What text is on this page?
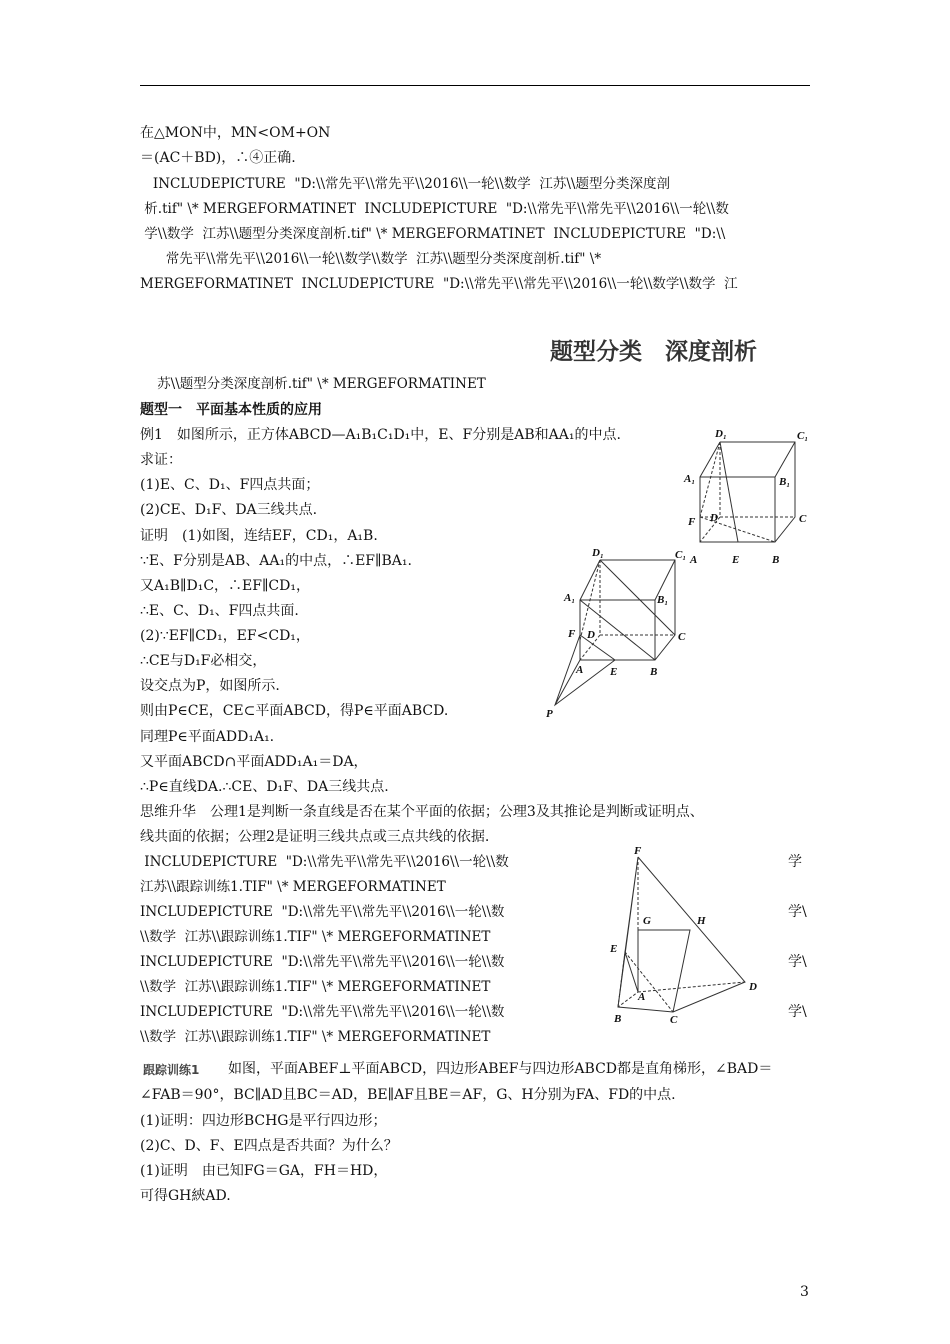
在△MON中，MN<OM+ON
＝(AC＋BD)，∴④正确.
INCLUDEPICTURE  "D:\\常先平\\常先平\\2016\\一轮\\数学  江苏\\题型分类深度剖
析.tif" \* MERGEFORMATINET  INCLUDEPICTURE  "D:\\常先平\\常先平\\2016\\一轮\\数
学\\数学  江苏\\题型分类深度剖析.tif" \* MERGEFORMATINET  INCLUDEPICTURE  "D:\\
常先平\\常先平\\2016\\一轮\\数学\\数学  江苏\\题型分类深度剖析.tif" \*
MERGEFORMATINET  INCLUDEPICTURE  "D:\\常先平\\常先平\\2016\\一轮\\数学\\数学  江
题型分类　深度剖析
苏\\题型分类深度剖析.tif" \* MERGEFORMATINET
题型一　平面基本性质的应用
例1　如图所示，正方体ABCD—A₁B₁C₁D₁中，E、F分别是AB和AA₁的中点.
求证：
(1)E、C、D₁、F四点共面；
(2)CE、D₁F、DA三线共点.
证明　(1)如图，连结EF，CD₁，A₁B.
∵E、F分别是AB、AA₁的中点，∴EF∥BA₁.
又A₁B∥D₁C，∴EF∥CD₁，
∴E、C、D₁、F四点共面.
(2)∵EF∥CD₁，EF<CD₁，
∴CE与D₁F必相交，
设交点为P，如图所示.
则由P∈CE，CE⊂平面ABCD，得P∈平面ABCD.
同理P∈平面ADD₁A₁.
又平面ABCD∩平面ADD₁A₁＝DA，
∴P∈直线DA.∴CE、D₁F、DA三线共点.
思维升华　公理1是判断一条直线是否在某个平面的依据；公理3及其推论是判断或证明点、
线共面的依据；公理2是证明三线共点或三点共线的依据.
INCLUDEPICTURE  "D:\\常先平\\常先平\\2016\\一轮\\数
江苏\\跟踪训练1.TIF" \* MERGEFORMATINET
INCLUDEPICTURE  "D:\\常先平\\常先平\\2016\\一轮\\数
\\数学  江苏\\跟踪训练1.TIF" \* MERGEFORMATINET
INCLUDEPICTURE  "D:\\常先平\\常先平\\2016\\一轮\\数
\\数学  江苏\\跟踪训练1.TIF" \* MERGEFORMATINET
INCLUDEPICTURE  "D:\\常先平\\常先平\\2016\\一轮\\数
\\数学  江苏\\跟踪训练1.TIF" \* MERGEFORMATINET
学
学\
学\
学\
跟踪训练1 如图，平面ABEF⊥平面ABCD，四边形ABEF与四边形ABCD都是直角梯形，∠BAD＝
∠FAB＝90°，BC∥AD且BC＝AD，BE∥AF且BE＝AF，G、H分别为FA、FD的中点.
(1)证明：四边形BCHG是平行四边形；
(2)C、D、F、E四点是否共面？为什么？
(1)证明　由已知FG＝GA，FH＝HD，
可得GH綊AD.
D₁	C₁
A₁	B₁
F D	C
A	E	B
D₁	C₁
A₁	B₁
F D	C
A E	B
P
F
G	H
E
A
D
B	C
3
